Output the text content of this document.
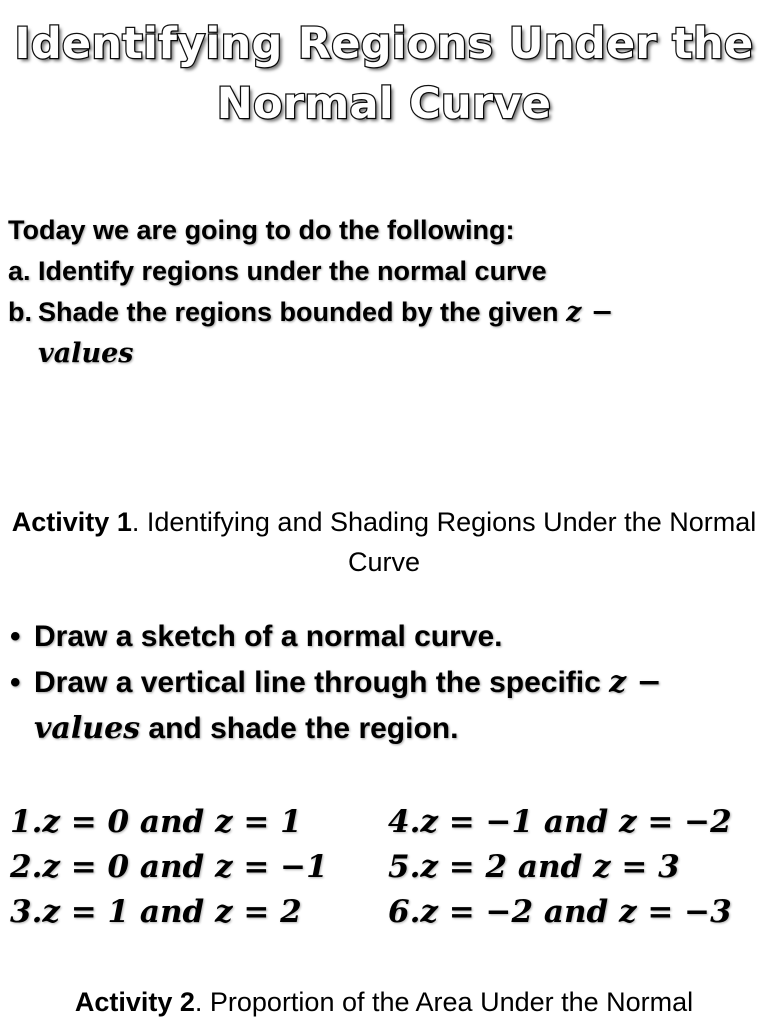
Identifying Regions Under the
Normal Curve
Today we are going to do the following:
a. Identify regions under the normal curve
b. Shade the regions bounded by the given z −
values
Activity 1. Identifying and Shading Regions Under the Normal Curve
• Draw a sketch of a normal curve.
• Draw a vertical line through the specific z −
values and shade the region.
1.z = 0 and z = 1	4.z = −1 and z = −2
2.z = 0 and z = −1	5.z = 2 and z = 3
3.z = 1 and z = 2	6.z = −2 and z = −3
Activity 2. Proportion of the Area Under the Normal
